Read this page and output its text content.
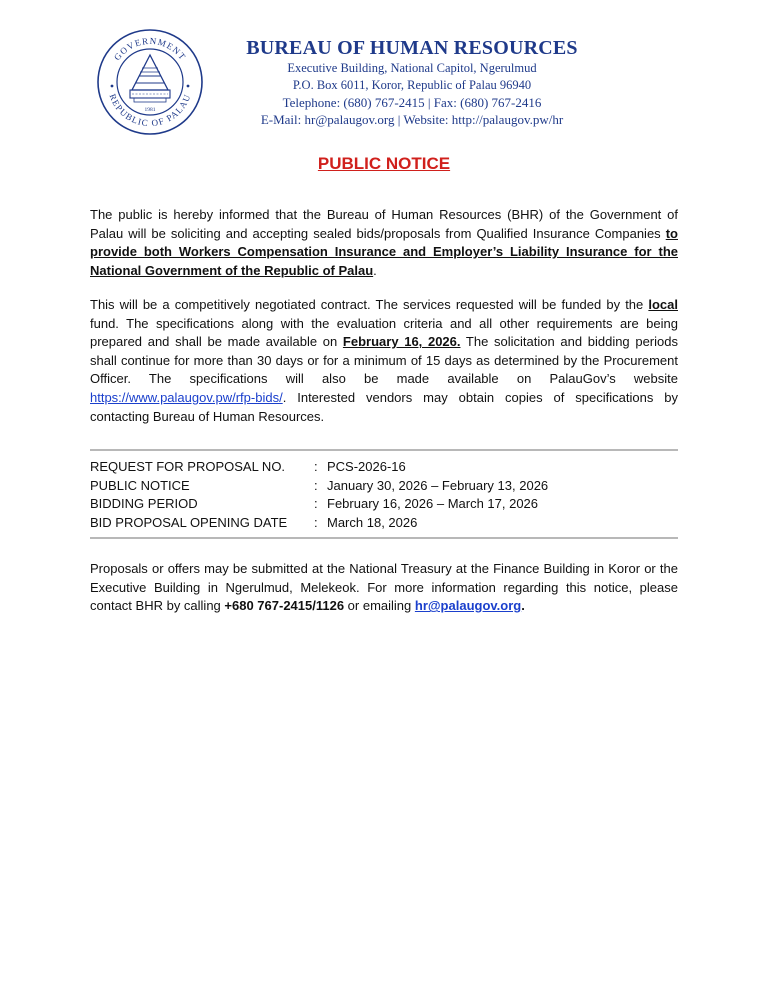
GOVERNMENT
REPUBLIC OF PALAU
1981
BUREAU OF HUMAN RESOURCES
Executive Building, National Capitol, Ngerulmud
P.O. Box 6011, Koror, Republic of Palau 96940
Telephone: (680) 767-2415 | Fax: (680) 767-2416
E-Mail: hr@palaugov.org | Website: http://palaugov.pw/hr
PUBLIC NOTICE
The public is hereby informed that the Bureau of Human Resources (BHR) of the Government of Palau will be soliciting and accepting sealed bids/proposals from Qualified Insurance Companies to provide both Workers Compensation Insurance and Employer’s Liability Insurance for the National Government of the Republic of Palau.
This will be a competitively negotiated contract. The services requested will be funded by the local fund. The specifications along with the evaluation criteria and all other requirements are being prepared and shall be made available on February 16, 2026. The solicitation and bidding periods shall continue for more than 30 days or for a minimum of 15 days as determined by the Procurement Officer. The specifications will also be made available on PalauGov’s website https://www.palaugov.pw/rfp-bids/. Interested vendors may obtain copies of specifications by contacting Bureau of Human Resources.
REQUEST FOR PROPOSAL NO. : PCS-2026-16
PUBLIC NOTICE	: January 30, 2026 – February 13, 2026
BIDDING PERIOD	: February 16, 2026 – March 17, 2026
BID PROPOSAL OPENING DATE : March 18, 2026
Proposals or offers may be submitted at the National Treasury at the Finance Building in Koror or the Executive Building in Ngerulmud, Melekeok. For more information regarding this notice, please contact BHR by calling +680 767-2415/1126 or emailing hr@palaugov.org.
